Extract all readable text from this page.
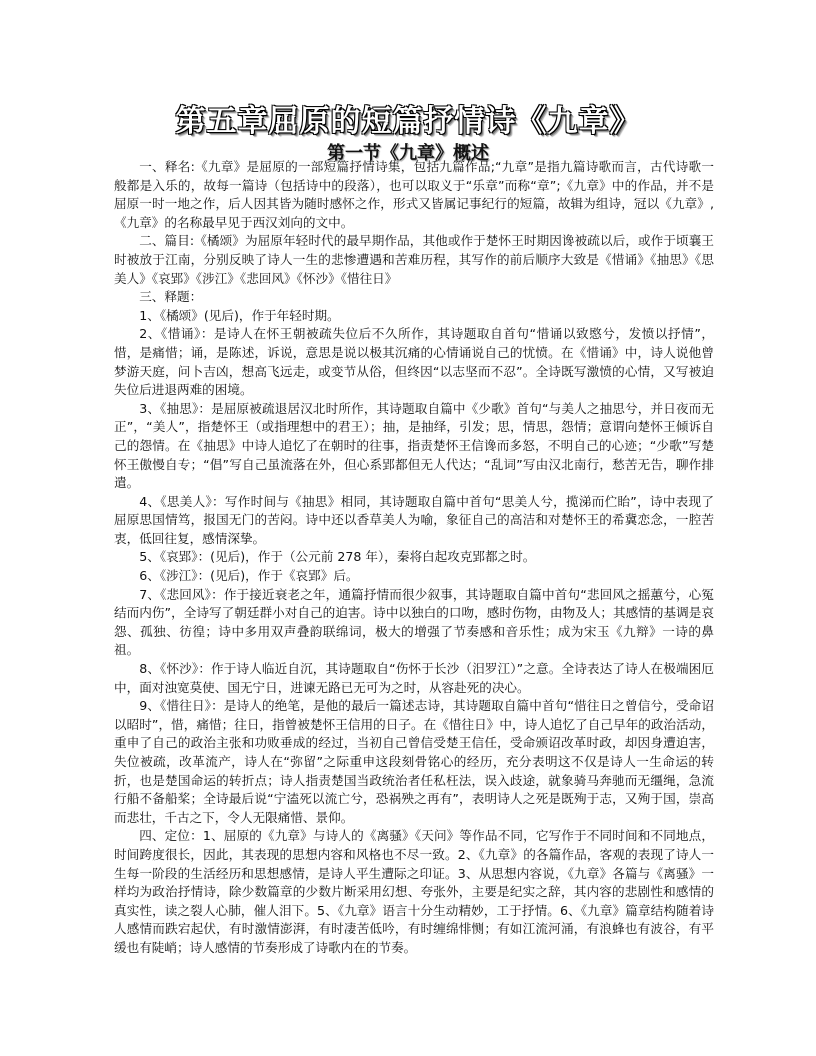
第五章屈原的短篇抒情诗《九章》
第一节《九章》概述

一、释名:《九章》是屈原的一部短篇抒情诗集，包括九篇作品;“九章”是指九篇诗歌而言，古代诗歌一般都是入乐的，故每一篇诗（包括诗中的段落），也可以取义于“乐章”而称“章”;《九章》中的作品，并不是屈原一时一地之作，后人因其皆为随时感怀之作，形式又皆属记事纪行的短篇，故辑为组诗，冠以《九章》,《九章》的名称最早见于西汉刘向的文中。

二、篇目:《橘颂》为屈原年轻时代的最早期作品，其他或作于楚怀王时期因谗被疏以后，或作于顷襄王时被放于江南，分别反映了诗人一生的悲惨遭遇和苦难历程，其写作的前后顺序大致是《惜诵》《抽思》《思美人》《哀郢》《涉江》《悲回风》《怀沙》《惜往日》

三、释题：

1、《橘颂》(见后)，作于年轻时期。

2、《惜诵》：是诗人在怀王朝被疏失位后不久所作，其诗题取自首句“惜诵以致愍兮，发愤以抒情”，惜，是痛惜；诵，是陈述，诉说，意思是说以极其沉痛的心情诵说自己的忧愤。在《惜诵》中，诗人说他曾梦游天庭，问卜吉凶，想高飞远走，或变节从俗，但终因“以志坚而不忍”。全诗既写激愤的心情，又写被迫失位后进退两难的困境。

3、《抽思》：是屈原被疏退居汉北时所作，其诗题取自篇中《少歌》首句“与美人之抽思兮，并日夜而无正”，“美人”，指楚怀王（或指理想中的君王）；抽，是抽绎，引发；思，情思，怨情；意谓向楚怀王倾诉自己的怨情。在《抽思》中诗人追忆了在朝时的往事，指责楚怀王信谗而多怒，不明自己的心迹；“少歌”写楚怀王傲慢自专；“倡”写自己虽流落在外，但心系郢都但无人代达；“乱词”写由汉北南行，愁苦无告，聊作排遣。

4、《思美人》：写作时间与《抽思》相同，其诗题取自篇中首句“思美人兮，揽涕而伫眙”，诗中表现了屈原思国情笃，报国无门的苦闷。诗中还以香草美人为喻，象征自己的高洁和对楚怀王的希冀恋念，一腔苦衷，低回往复，感情深挚。

5、《哀郢》：(见后)，作于（公元前 278 年），秦将白起攻克郢都之时。

6、《涉江》：(见后)，作于《哀郢》后。

7、《悲回风》：作于接近衰老之年，通篇抒情而很少叙事，其诗题取自篇中首句“悲回风之摇蕙兮，心冤结而内伤”，全诗写了朝廷群小对自己的迫害。诗中以独白的口吻，感时伤物，由物及人；其感情的基调是哀怨、孤独、彷徨；诗中多用双声叠韵联绵词，极大的增强了节奏感和音乐性；成为宋玉《九辩》一诗的鼻祖。

8、《怀沙》：作于诗人临近自沉，其诗题取自“伤怀于长沙（汨罗江）”之意。全诗表达了诗人在极端困厄中，面对浊宽莫使、国无宁日，进谏无路已无可为之时，从容赴死的决心。

9、《惜往日》：是诗人的绝笔，是他的最后一篇述志诗，其诗题取自篇中首句“惜往日之曾信兮，受命诏以昭时”，惜，痛惜；往日，指曾被楚怀王信用的日子。在《惜往日》中，诗人追忆了自己早年的政治活动，重申了自己的政治主张和功败垂成的经过，当初自己曾信受楚王信任，受命颁诏改革时政，却因身遭迫害，失位被疏，改革流产，诗人在“弥留”之际重申这段刻骨铭心的经历，充分表明这不仅是诗人一生命运的转折，也是楚国命运的转折点；诗人指责楚国当政统治者任私枉法，误入歧途，就象骑马奔驰而无缰绳，急流行船不备船桨；全诗最后说“宁溘死以流亡兮，恐祸殃之再有”，表明诗人之死是既殉于志，又殉于国，崇高而悲壮，千古之下，令人无限痛惜、景仰。

四、定位：1、屈原的《九章》与诗人的《离骚》《天问》等作品不同，它写作于不同时间和不同地点，时间跨度很长，因此，其表现的思想内容和风格也不尽一致。2、《九章》的各篇作品，客观的表现了诗人一生每一阶段的生活经历和思想感情，是诗人平生遭际之印证。3、从思想内容说，《九章》各篇与《离骚》一样均为政治抒情诗，除少数篇章的少数片断采用幻想、夸张外，主要是纪实之辞，其内容的悲剧性和感情的真实性，读之裂人心肺，催人泪下。5、《九章》语言十分生动精妙，工于抒情。6、《九章》篇章结构随着诗人感情而跌宕起伏，有时激情澎湃，有时凄苦低吟，有时缠绵悱恻；有如江流河涌，有浪蜂也有波谷，有平缓也有陡峭；诗人感情的节奏形成了诗歌内在的节奏。
